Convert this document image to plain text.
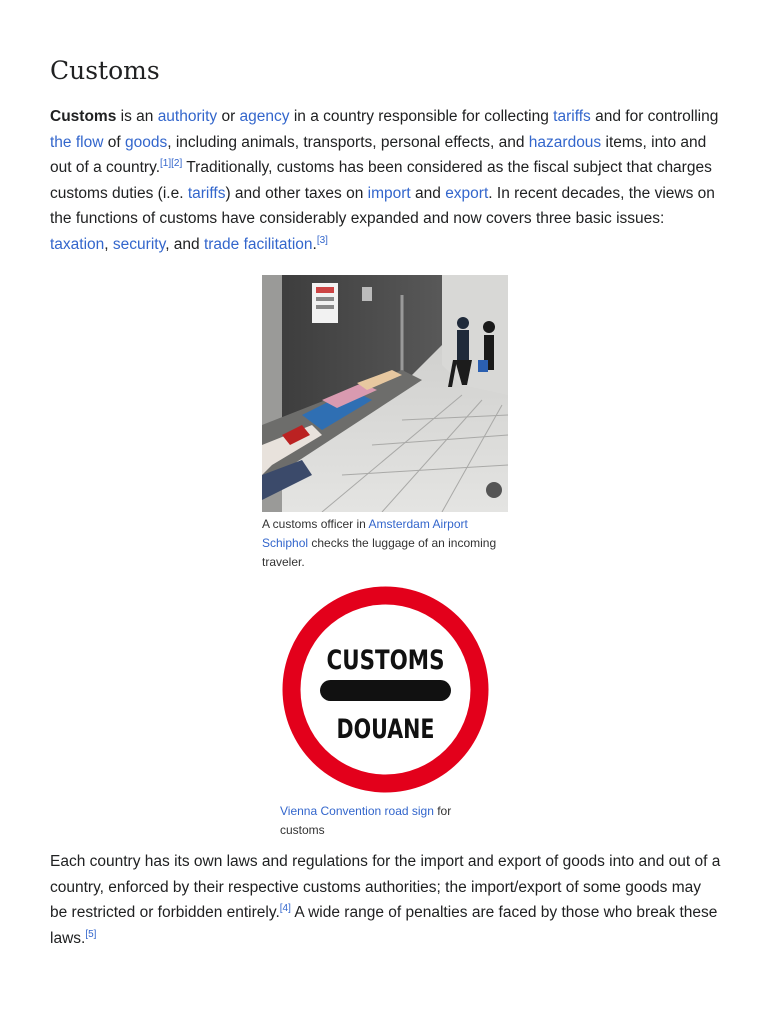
Customs

Customs is an authority or agency in a country responsible for collecting tariffs and for controlling the flow of goods, including animals, transports, personal effects, and hazardous items, into and out of a country.[1][2] Traditionally, customs has been considered as the fiscal subject that charges customs duties (i.e. tariffs) and other taxes on import and export. In recent decades, the views on the functions of customs have considerably expanded and now covers three basic issues: taxation, security, and trade facilitation.[3]

A customs officer in Amsterdam Airport Schiphol checks the luggage of an incoming traveler.
CUSTOMS
DOUANE
Vienna Convention road sign for customs

Each country has its own laws and regulations for the import and export of goods into and out of a country, enforced by their respective customs authorities; the import/export of some goods may be restricted or forbidden entirely.[4] A wide range of penalties are faced by those who break these laws.[5]
